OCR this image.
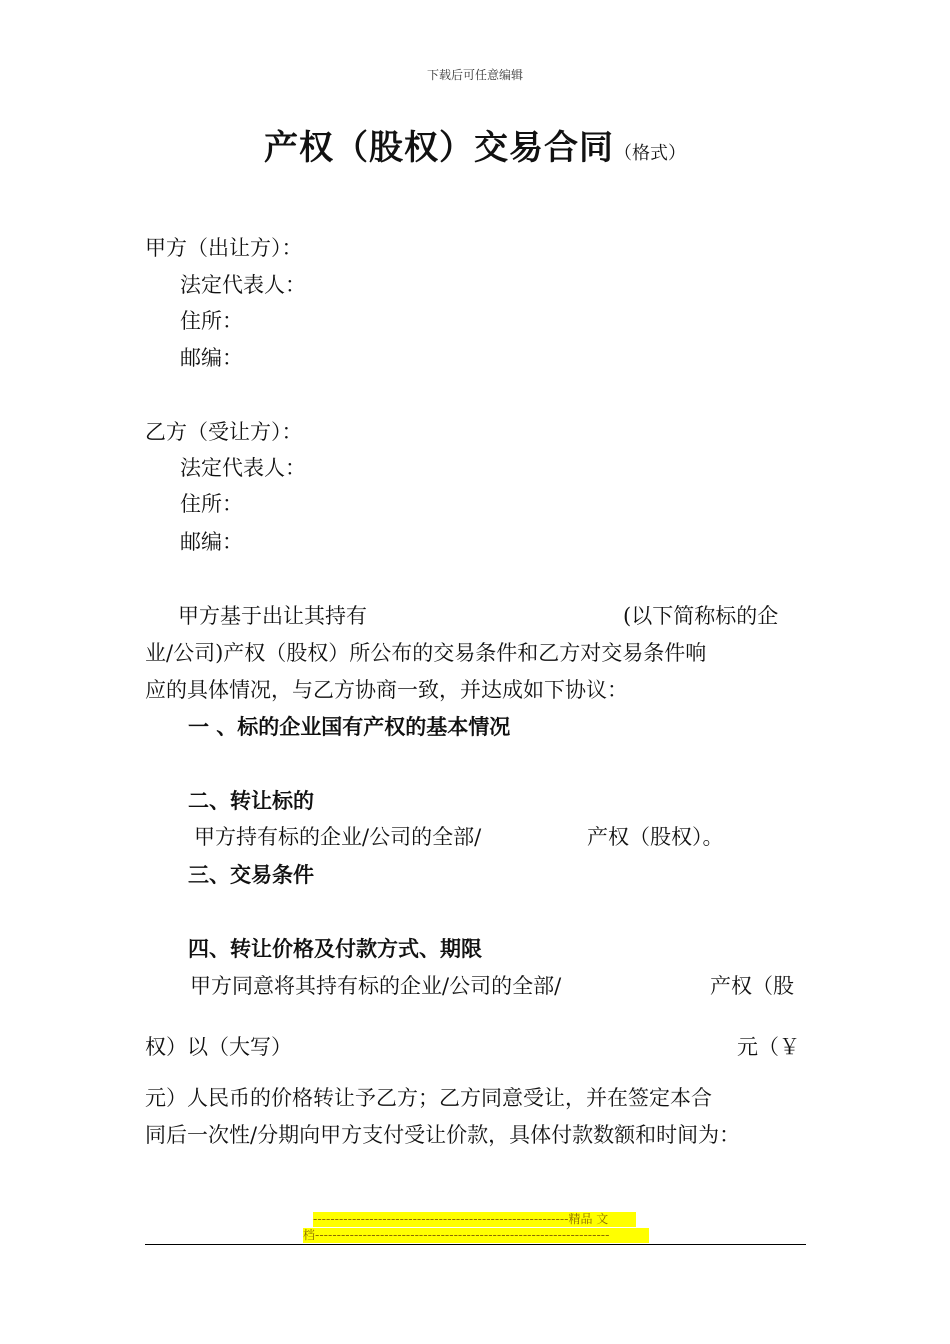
下载后可任意编辑
产权（股权）交易合同（格式）
甲方（出让方）：
法定代表人：
住所：
邮编：
乙方（受让方）：
法定代表人：
住所：
邮编：
甲方基于出让其持有	(以下简称标的企
业/公司)产权（股权）所公布的交易条件和乙方对交易条件响
应的具体情况，与乙方协商一致，并达成如下协议：
一 、标的企业国有产权的基本情况
二、转让标的
甲方持有标的企业/公司的全部/	产权（股权）。
三、交易条件
四、转让价格及付款方式、期限
甲方同意将其持有标的企业/公司的全部/	产权（股
权）以（大写）	元（￥
元）人民币的价格转让予乙方；乙方同意受让，并在签定本合
同后一次性/分期向甲方支付受让价款，具体付款数额和时间为：
-----------------------------------------------------------精品 文
档--------------------------------------------------------------------
